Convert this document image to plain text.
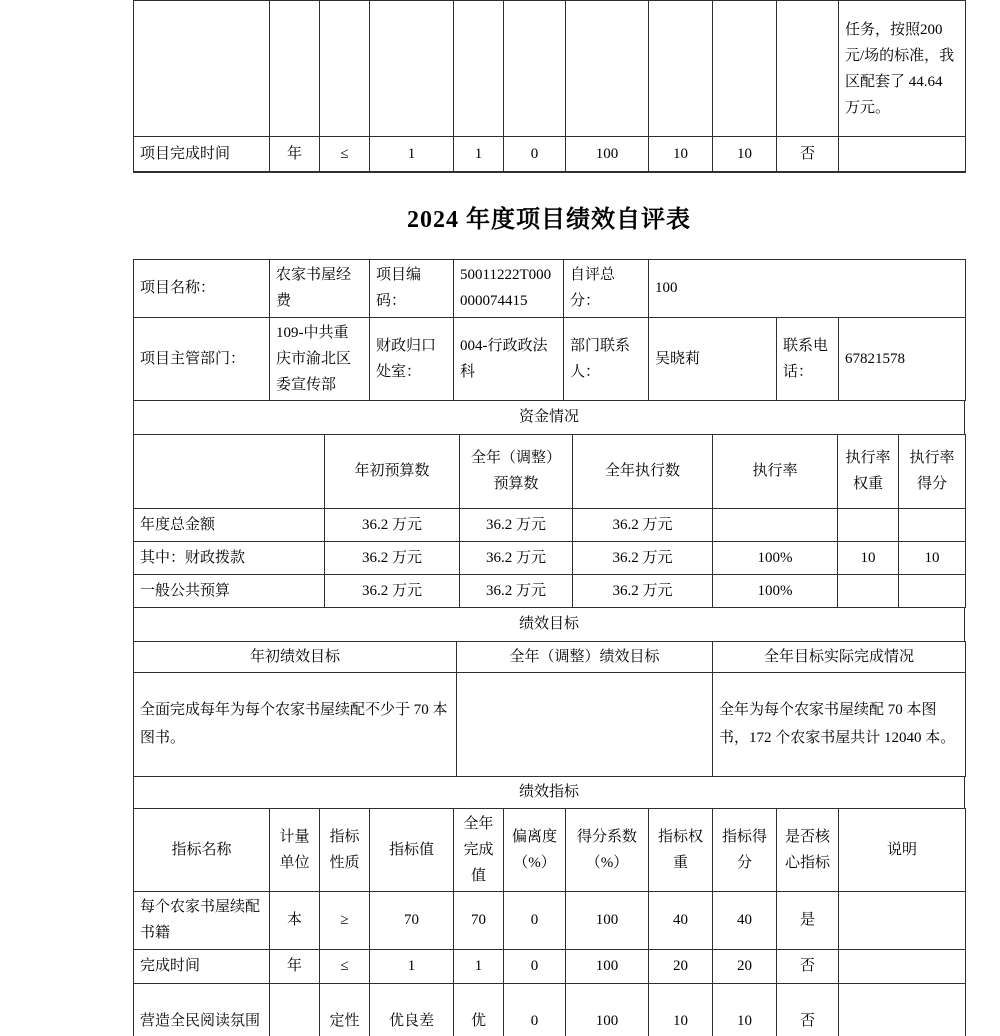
										任务，按照200 元/场的标准，我区配套了 44.64 万元。
项目完成时间	年	≤	1	1	0	100	10	10	否	
2024 年度项目绩效自评表
项目名称：	农家书屋经费	项目编码：	50011222T000000074415	自评总分：	100		
项目主管部门：	109-中共重庆市渝北区委宣传部	财政归口处室：	004-行政政法科	部门联系人：	吴晓莉	联系电话：	67821578
资金情况
	年初预算数	全年（调整）预算数	全年执行数	执行率	执行率权重	执行率得分
年度总金额	36.2 万元	36.2 万元	36.2 万元			
其中：财政拨款	36.2 万元	36.2 万元	36.2 万元	100%	10	10
一般公共预算	36.2 万元	36.2 万元	36.2 万元	100%		
绩效目标
年初绩效目标	全年（调整）绩效目标	全年目标实际完成情况
全面完成每年为每个农家书屋续配不少于 70 本图书。		全年为每个农家书屋续配 70 本图书，172 个农家书屋共计 12040 本。
绩效指标
指标名称	计量单位	指标性质	指标值	全年完成值	偏离度（%）	得分系数（%）	指标权重	指标得分	是否核心指标	说明
每个农家书屋续配书籍	本	≥	70	70	0	100	40	40	是	
完成时间	年	≤	1	1	0	100	20	20	否	
营造全民阅读氛围		定性	优良差	优	0	100	10	10	否	
